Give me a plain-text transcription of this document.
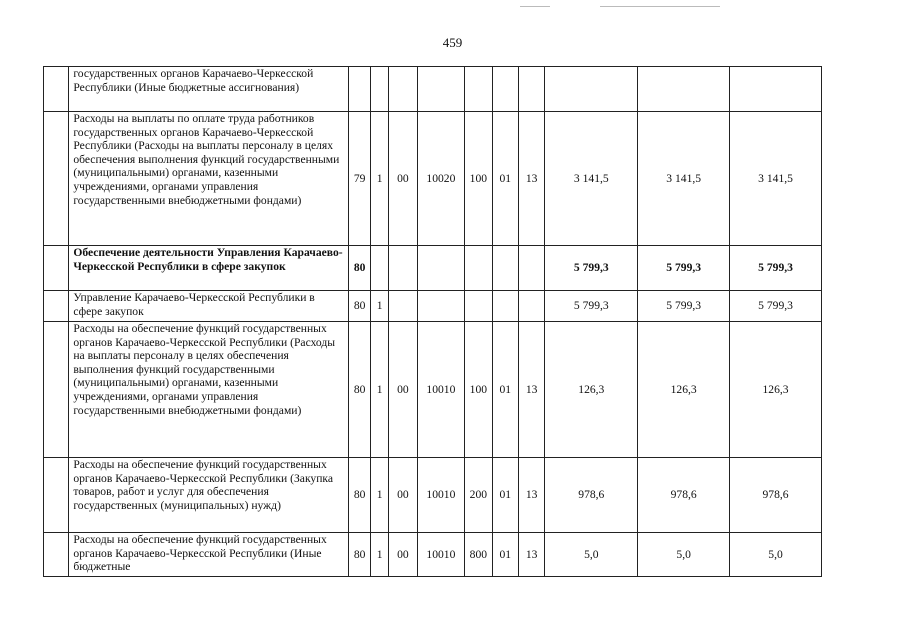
459
	государственных органов Карачаево-Черкесской Республики (Иные бюджетные ассигнования)										
	Расходы на выплаты по оплате труда работников государственных органов Карачаево-Черкесской Республики (Расходы на выплаты персоналу в целях обеспечения выполнения функций государственными (муниципальными) органами, казенными учреждениями, органами управления государственными внебюджетными фондами)	79	1	00	10020	100	01	13	3 141,5	3 141,5	3 141,5
	Обеспечение деятельности Управления Карачаево-Черкесской Республики в сфере закупок	80							5 799,3	5 799,3	5 799,3
	Управление Карачаево-Черкесской Республики в сфере закупок	80	1						5 799,3	5 799,3	5 799,3
	Расходы на обеспечение функций государственных органов Карачаево-Черкесской Республики (Расходы на выплаты персоналу в целях обеспечения выполнения функций государственными (муниципальными) органами, казенными учреждениями, органами управления государственными внебюджетными фондами)	80	1	00	10010	100	01	13	126,3	126,3	126,3
	Расходы на обеспечение функций государственных органов Карачаево-Черкесской Республики (Закупка товаров, работ и услуг для обеспечения государственных (муниципальных) нужд)	80	1	00	10010	200	01	13	978,6	978,6	978,6
	Расходы на обеспечение функций государственных органов Карачаево-Черкесской Республики (Иные бюджетные	80	1	00	10010	800	01	13	5,0	5,0	5,0
